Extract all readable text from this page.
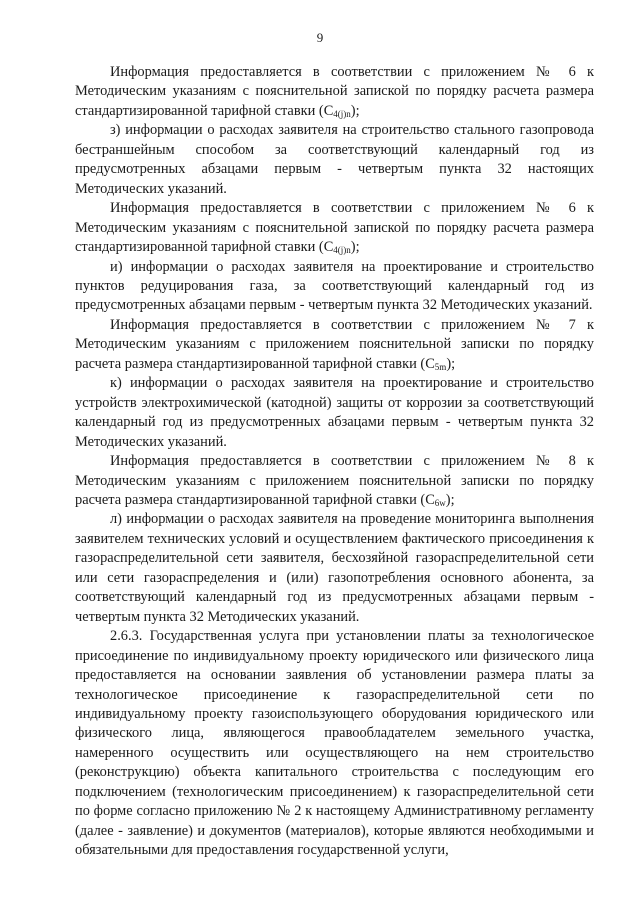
9

Информация предоставляется в соответствии с приложением № 6 к Методическим указаниям с пояснительной запиской по порядку расчета размера стандартизированной тарифной ставки $(С_{4(j)n})$;

з) информации о расходах заявителя на строительство стального газопровода бестраншейным способом за соответствующий календарный год из предусмотренных абзацами первым - четвертым пункта 32 настоящих Методических указаний.

Информация предоставляется в соответствии с приложением № 6 к Методическим указаниям с пояснительной запиской по порядку расчета размера стандартизированной тарифной ставки $(С_{4(j)n})$;

и) информации о расходах заявителя на проектирование и строительство пунктов редуцирования газа, за соответствующий календарный год из предусмотренных абзацами первым - четвертым пункта 32 Методических указаний.

Информация предоставляется в соответствии с приложением № 7 к Методическим указаниям с приложением пояснительной записки по порядку расчета размера стандартизированной тарифной ставки $(С_{5m})$;

к) информации о расходах заявителя на проектирование и строительство устройств электрохимической (катодной) защиты от коррозии за соответствующий календарный год из предусмотренных абзацами первым - четвертым пункта 32 Методических указаний.

Информация предоставляется в соответствии с приложением № 8 к Методическим указаниям с приложением пояснительной записки по порядку расчета размера стандартизированной тарифной ставки $(С_{6w})$;

л) информации о расходах заявителя на проведение мониторинга выполнения заявителем технических условий и осуществлением фактического присоединения к газораспределительной сети заявителя, бесхозяйной газораспределительной сети или сети газораспределения и (или) газопотребления основного абонента, за соответствующий календарный год из предусмотренных абзацами первым - четвертым пункта 32 Методических указаний.

2.6.3. Государственная услуга при установлении платы за технологическое присоединение по индивидуальному проекту юридического или физического лица предоставляется на основании заявления об установлении размера платы за технологическое присоединение к газораспределительной сети по индивидуальному проекту газоиспользующего оборудования юридического или физического лица, являющегося правообладателем земельного участка, намеренного осуществить или осуществляющего на нем строительство (реконструкцию) объекта капитального строительства с последующим его подключением (технологическим присоединением) к газораспределительной сети по форме согласно приложению № 2 к настоящему Административному регламенту (далее - заявление) и документов (материалов), которые являются необходимыми и обязательными для предоставления государственной услуги,
